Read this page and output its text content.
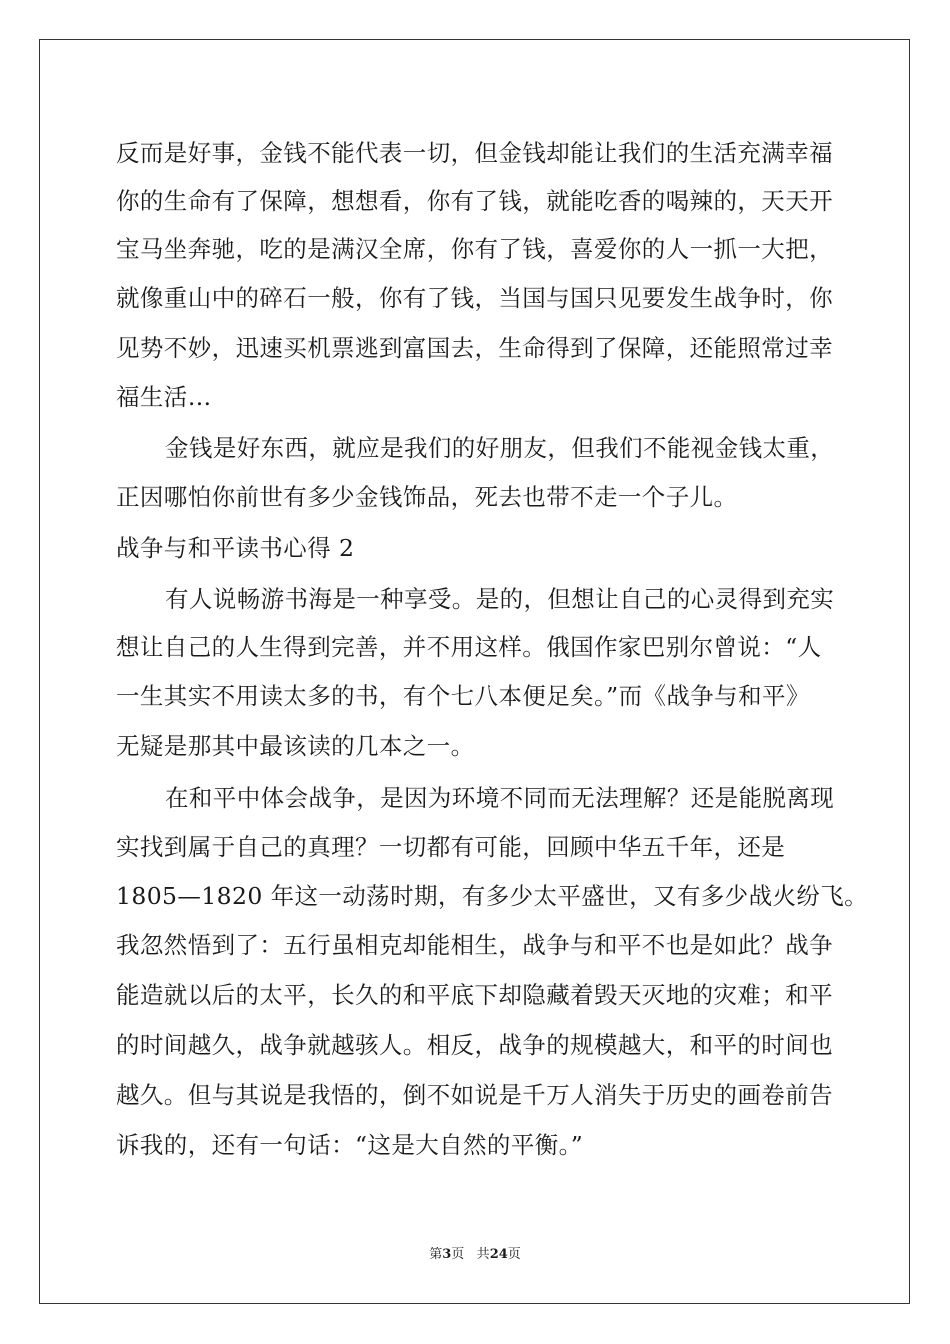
反而是好事，金钱不能代表一切，但金钱却能让我们的生活充满幸福
你的生命有了保障，想想看，你有了钱，就能吃香的喝辣的，天天开
宝马坐奔驰，吃的是满汉全席，你有了钱，喜爱你的人一抓一大把，
就像重山中的碎石一般，你有了钱，当国与国只见要发生战争时，你
见势不妙，迅速买机票逃到富国去，生命得到了保障，还能照常过幸
福生活…
金钱是好东西，就应是我们的好朋友，但我们不能视金钱太重，
正因哪怕你前世有多少金钱饰品，死去也带不走一个子儿。
战争与和平读书心得 2
有人说畅游书海是一种享受。是的，但想让自己的心灵得到充实
想让自己的人生得到完善，并不用这样。俄国作家巴别尔曾说：“人
一生其实不用读太多的书，有个七八本便足矣。”而《战争与和平》
无疑是那其中最该读的几本之一。
在和平中体会战争，是因为环境不同而无法理解？还是能脱离现
实找到属于自己的真理？一切都有可能，回顾中华五千年，还是
1805—1820 年这一动荡时期，有多少太平盛世，又有多少战火纷飞。
我忽然悟到了：五行虽相克却能相生，战争与和平不也是如此？战争
能造就以后的太平，长久的和平底下却隐藏着毁天灭地的灾难；和平
的时间越久，战争就越骇人。相反，战争的规模越大，和平的时间也
越久。但与其说是我悟的，倒不如说是千万人消失于历史的画卷前告
诉我的，还有一句话：“这是大自然的平衡。”
第3页 共24页
